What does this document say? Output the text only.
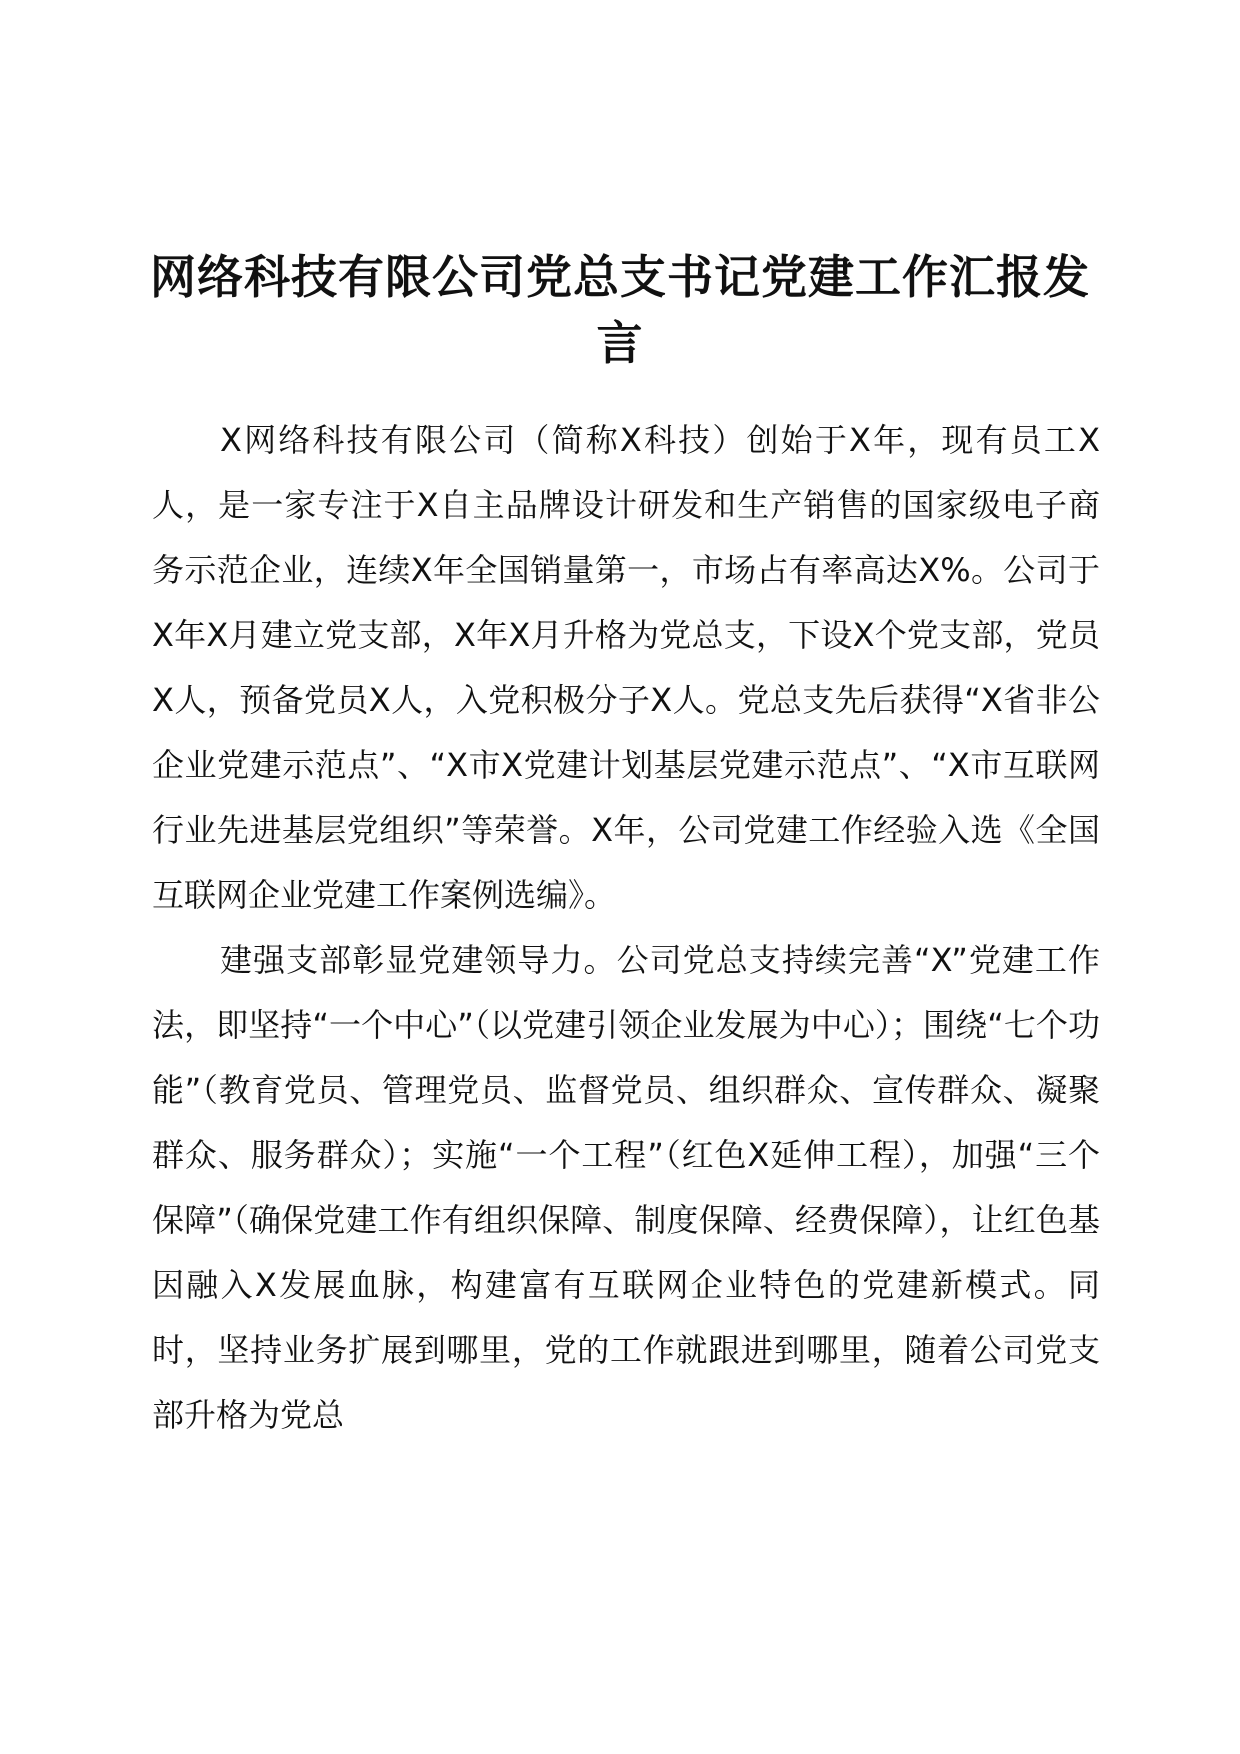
网络科技有限公司党总支书记党建工作汇报发言

X网络科技有限公司（简称X科技）创始于X年，现有员工X人，是一家专注于X自主品牌设计研发和生产销售的国家级电子商务示范企业，连续X年全国销量第一，市场占有率高达X%。公司于X年X月建立党支部，X年X月升格为党总支，下设X个党支部，党员X人，预备党员X人，入党积极分子X人。党总支先后获得“X省非公企业党建示范点”、“X市X党建计划基层党建示范点”、“X市互联网行业先进基层党组织”等荣誉。X年，公司党建工作经验入选《全国互联网企业党建工作案例选编》。

建强支部彰显党建领导力。公司党总支持续完善“X”党建工作法，即坚持“一个中心”（以党建引领企业发展为中心）；围绕“七个功能”（教育党员、管理党员、监督党员、组织群众、宣传群众、凝聚群众、服务群众）；实施“一个工程”（红色X延伸工程），加强“三个保障”（确保党建工作有组织保障、制度保障、经费保障），让红色基因融入X发展血脉，构建富有互联网企业特色的党建新模式。同时，坚持业务扩展到哪里，党的工作就跟进到哪里，随着公司党支部升格为党总
